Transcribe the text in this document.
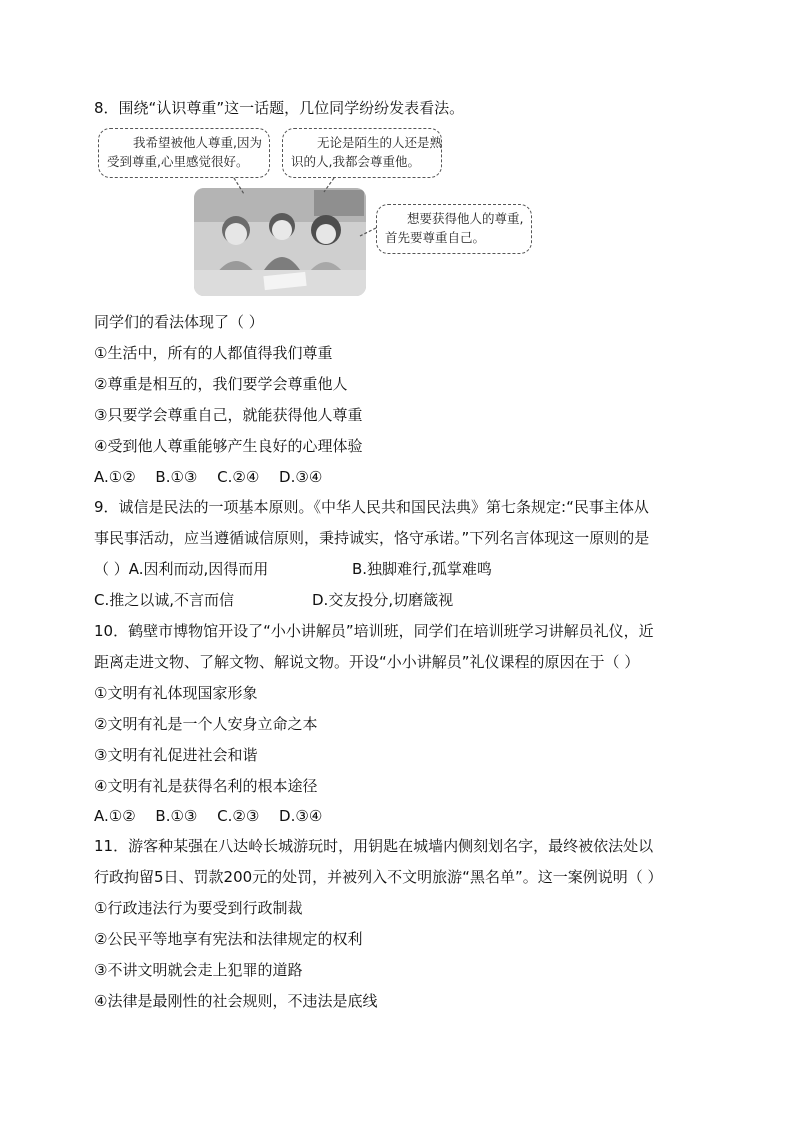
8．围绕“认识尊重”这一话题，几位同学纷纷发表看法。
我希望被他人尊重,因为
受到尊重,心里感觉很好。
无论是陌生的人还是熟
识的人,我都会尊重他。
想要获得他人的尊重,
首先要尊重自己。
同学们的看法体现了（ ）
①生活中，所有的人都值得我们尊重
②尊重是相互的，我们要学会尊重他人
③只要学会尊重自己，就能获得他人尊重
④受到他人尊重能够产生良好的心理体验
A.①②　 B.①③　 C.②④　 D.③④
9．诚信是民法的一项基本原则。《中华人民共和国民法典》第七条规定:“民事主体从
事民事活动，应当遵循诚信原则，秉持诚实，恪守承诺。”下列名言体现这一原则的是
（ ）A.因利而动,因得而用	B.独脚难行,孤掌难鸣
C.推之以诚,不言而信	D.交友投分,切磨箴视
10．鹤壁市博物馆开设了“小小讲解员”培训班，同学们在培训班学习讲解员礼仪，近
距离走进文物、了解文物、解说文物。开设“小小讲解员”礼仪课程的原因在于（ ）
①文明有礼体现国家形象
②文明有礼是一个人安身立命之本
③文明有礼促进社会和谐
④文明有礼是获得名利的根本途径
A.①②　 B.①③　 C.②③　 D.③④
11．游客种某强在八达岭长城游玩时，用钥匙在城墙内侧刻划名字，最终被依法处以
行政拘留5日、罚款200元的处罚，并被列入不文明旅游“黑名单”。这一案例说明（ ）
①行政违法行为要受到行政制裁
②公民平等地享有宪法和法律规定的权利
③不讲文明就会走上犯罪的道路
④法律是最刚性的社会规则，不违法是底线
